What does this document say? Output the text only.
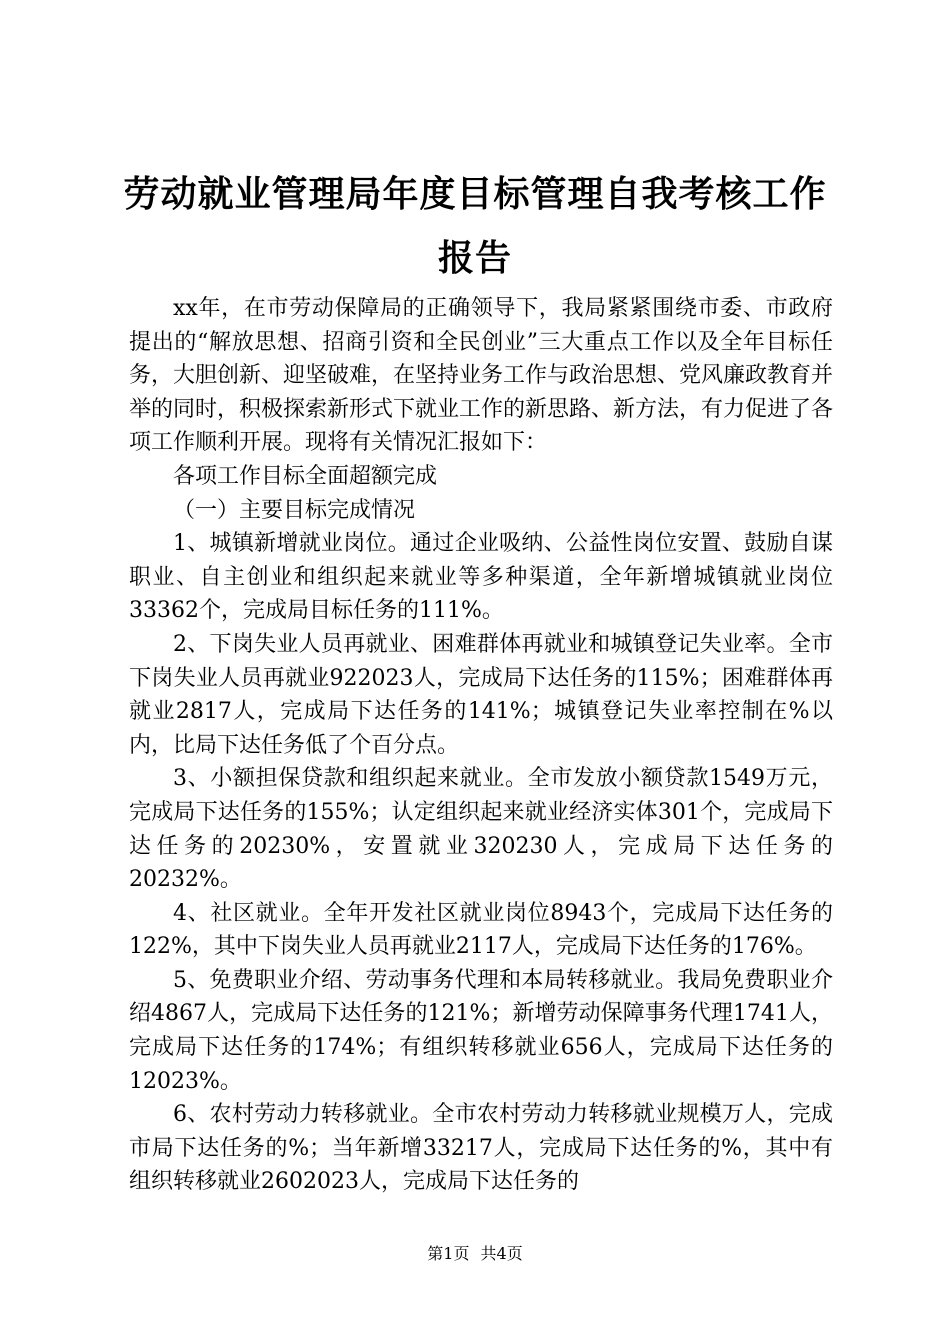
劳动就业管理局年度目标管理自我考核工作报告

xx年，在市劳动保障局的正确领导下，我局紧紧围绕市委、市政府提出的“解放思想、招商引资和全民创业”三大重点工作以及全年目标任务，大胆创新、迎坚破难，在坚持业务工作与政治思想、党风廉政教育并举的同时，积极探索新形式下就业工作的新思路、新方法，有力促进了各项工作顺利开展。现将有关情况汇报如下：

各项工作目标全面超额完成

（一）主要目标完成情况

1、城镇新增就业岗位。通过企业吸纳、公益性岗位安置、鼓励自谋职业、自主创业和组织起来就业等多种渠道，全年新增城镇就业岗位33362个，完成局目标任务的111%。

2、下岗失业人员再就业、困难群体再就业和城镇登记失业率。全市下岗失业人员再就业922023人，完成局下达任务的115%；困难群体再就业2817人，完成局下达任务的141%；城镇登记失业率控制在%以内，比局下达任务低了个百分点。

3、小额担保贷款和组织起来就业。全市发放小额贷款1549万元，完成局下达任务的155%；认定组织起来就业经济实体301个，完成局下达任务的20230%，安置就业320230人，完成局下达任务的20232%。

4、社区就业。全年开发社区就业岗位8943个，完成局下达任务的122%，其中下岗失业人员再就业2117人，完成局下达任务的176%。

5、免费职业介绍、劳动事务代理和本局转移就业。我局免费职业介绍4867人，完成局下达任务的121%；新增劳动保障事务代理1741人，完成局下达任务的174%；有组织转移就业656人，完成局下达任务的12023%。

6、农村劳动力转移就业。全市农村劳动力转移就业规模万人，完成市局下达任务的%；当年新增33217人，完成局下达任务的%，其中有组织转移就业2602023人，完成局下达任务的

第1页 共4页
